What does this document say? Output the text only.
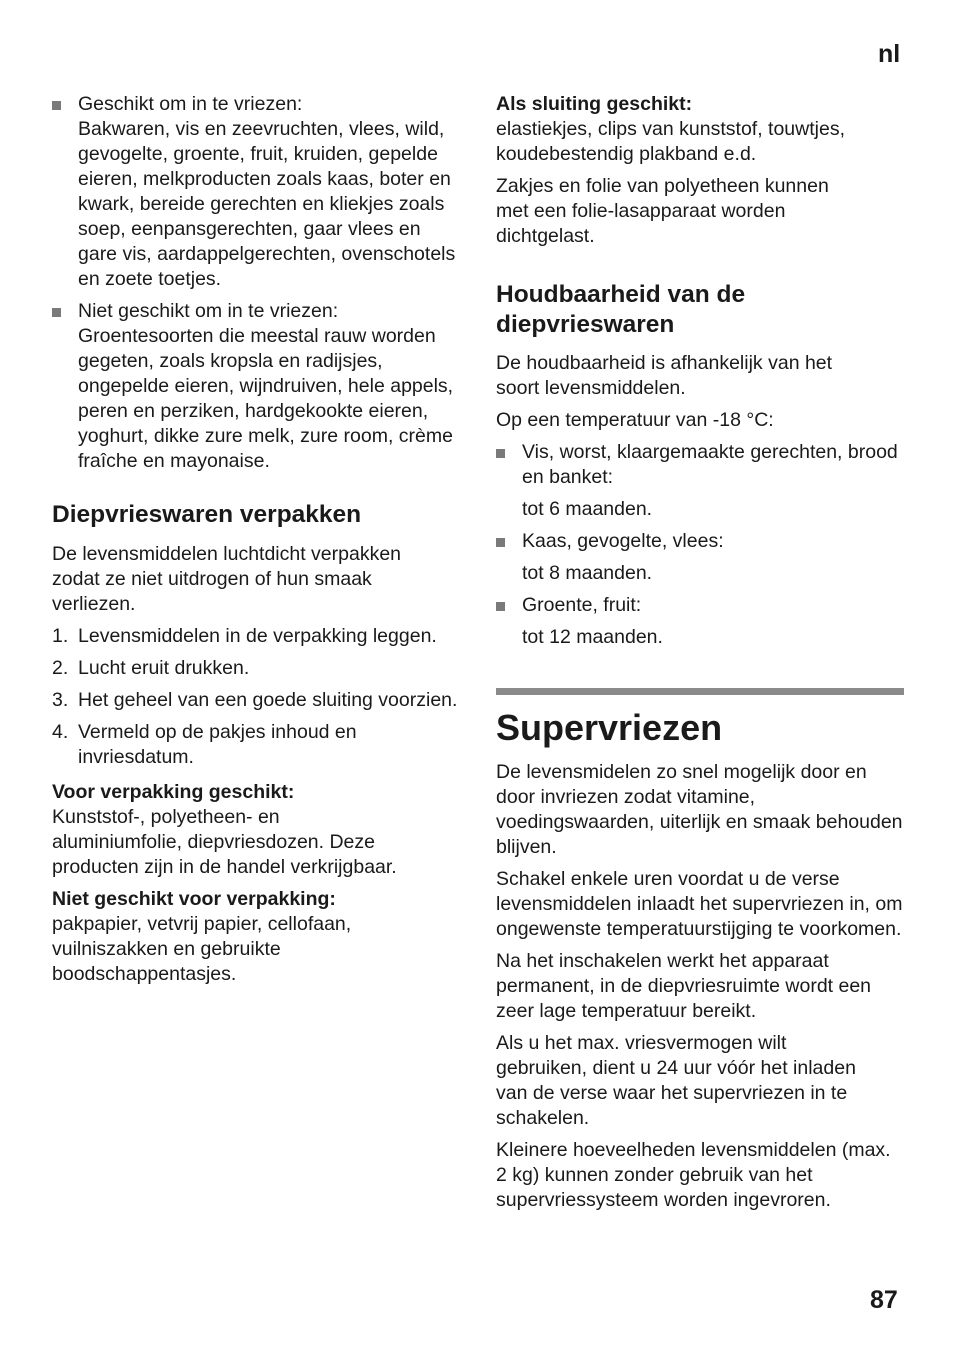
nl
Geschikt om in te vriezen:
Bakwaren, vis en zeevruchten, vlees, wild, gevogelte, groente, fruit, kruiden, gepelde eieren, melkproducten zoals kaas, boter en kwark, bereide gerechten en kliekjes zoals soep, eenpansgerechten, gaar vlees en gare vis, aardappelgerechten, ovenschotels en zoete toetjes.
Niet geschikt om in te vriezen:
Groentesoorten die meestal rauw worden gegeten, zoals kropsla en radijsjes, ongepelde eieren, wijndruiven, hele appels, peren en perziken, hardgekookte eieren, yoghurt, dikke zure melk, zure room, crème fraîche en mayonaise.
Diepvrieswaren verpakken

De levensmiddelen luchtdicht verpakken zodat ze niet uitdrogen of hun smaak verliezen.

1. Levensmiddelen in de verpakking leggen.
2. Lucht eruit drukken.
3. Het geheel van een goede sluiting voorzien.
4. Vermeld op de pakjes inhoud en invriesdatum.

Voor verpakking geschikt:
Kunststof-, polyetheen- en aluminiumfolie, diepvriesdozen. Deze producten zijn in de handel verkrijgbaar.

Niet geschikt voor verpakking:
pakpapier, vetvrij papier, cellofaan, vuilniszakken en gebruikte boodschappentasjes.

Als sluiting geschikt:
elastiekjes, clips van kunststof, touwtjes, koudebestendig plakband e.d.

Zakjes en folie van polyetheen kunnen met een folie-lasapparaat worden dichtgelast.

Houdbaarheid van de diepvrieswaren

De houdbaarheid is afhankelijk van het soort levensmiddelen.

Op een temperatuur van -18 °C:

Vis, worst, klaargemaakte gerechten, brood en banket:

tot 6 maanden.

Kaas, gevogelte, vlees:

tot 8 maanden.

Groente, fruit:

tot 12 maanden.

Supervriezen

De levensmidelen zo snel mogelijk door en door invriezen zodat vitamine, voedingswaarden, uiterlijk en smaak behouden blijven.

Schakel enkele uren voordat u de verse levensmiddelen inlaadt het supervriezen in, om ongewenste temperatuurstijging te voorkomen.

Na het inschakelen werkt het apparaat permanent, in de diepvriesruimte wordt een zeer lage temperatuur bereikt.

Als u het max. vriesvermogen wilt gebruiken, dient u 24 uur vóór het inladen van de verse waar het supervriezen in te schakelen.

Kleinere hoeveelheden levensmiddelen (max. 2 kg) kunnen zonder gebruik van het supervriessysteem worden ingevroren.

87
